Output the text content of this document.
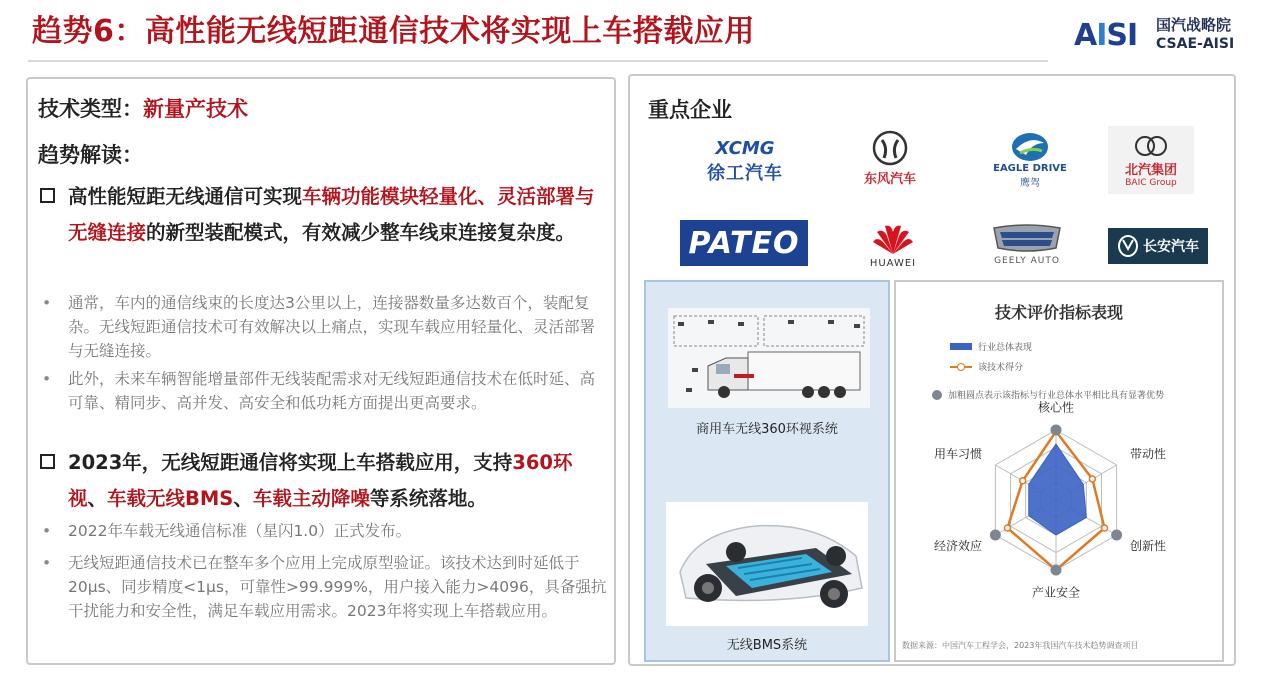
趋势6：高性能无线短距通信技术将实现上车搭载应用	AISI 国汽战略院
CSAE-AISI
技术类型：新量产技术
趋势解读：
高性能短距无线通信可实现车辆功能模块轻量化、灵活部署与无缝连接的新型装配模式，有效减少整车线束连接复杂度。
• 通常，车内的通信线束的长度达3公里以上，连接器数量多达数百个，装配复杂。无线短距通信技术可有效解决以上痛点，实现车载应用轻量化、灵活部署与无缝连接。
• 此外，未来车辆智能增量部件无线装配需求对无线短距通信技术在低时延、高可靠、精同步、高并发、高安全和低功耗方面提出更高要求。
2023年，无线短距通信将实现上车搭载应用，支持360环视、车载无线BMS、车载主动降噪等系统落地。
• 2022年车载无线通信标准（星闪1.0）正式发布。
• 无线短距通信技术已在整车多个应用上完成原型验证。该技术达到时延低于20μs、同步精度<1μs，可靠性>99.999%，用户接入能力>4096，具备强抗干扰能力和安全性，满足车载应用需求。2023年将实现上车搭载应用。
重点企业
XCMG
徐工汽车	东风汽车
EAGLE DRIVE
鹰驾
北汽集团
BAIC Group
PATEO
HUAWEI	GEELY AUTO
长安汽车
商用车无线360环视系统
无线BMS系统
技术评价指标表现
行业总体表现
该技术得分
加粗圆点表示该指标与行业总体水平相比具有显著优势
核心性
带动性
创新性
产业安全
经济效应
用车习惯
数据来源：中国汽车工程学会，2023年我国汽车技术趋势调查项目
